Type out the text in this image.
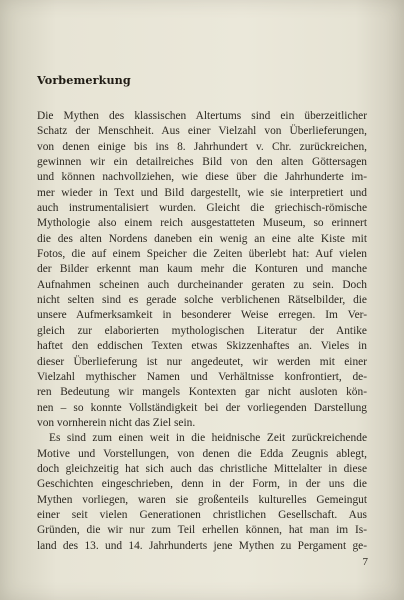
Vorbemerkung
Die Mythen des klassischen Altertums sind ein überzeitlicher
Schatz der Menschheit. Aus einer Vielzahl von Überlieferungen,
von denen einige bis ins 8. Jahrhundert v. Chr. zurückreichen,
gewinnen wir ein detailreiches Bild von den alten Göttersagen
und können nachvollziehen, wie diese über die Jahrhunderte im-
mer wieder in Text und Bild dargestellt, wie sie interpretiert und
auch instrumentalisiert wurden. Gleicht die griechisch-römische
Mythologie also einem reich ausgestatteten Museum, so erinnert
die des alten Nordens daneben ein wenig an eine alte Kiste mit
Fotos, die auf einem Speicher die Zeiten überlebt hat: Auf vielen
der Bilder erkennt man kaum mehr die Konturen und manche
Aufnahmen scheinen auch durcheinander geraten zu sein. Doch
nicht selten sind es gerade solche verblichenen Rätselbilder, die
unsere Aufmerksamkeit in besonderer Weise erregen. Im Ver-
gleich zur elaborierten mythologischen Literatur der Antike
haftet den eddischen Texten etwas Skizzenhaftes an. Vieles in
dieser Überlieferung ist nur angedeutet, wir werden mit einer
Vielzahl mythischer Namen und Verhältnisse konfrontiert, de-
ren Bedeutung wir mangels Kontexten gar nicht ausloten kön-
nen – so konnte Vollständigkeit bei der vorliegenden Darstellung
von vornherein nicht das Ziel sein.
Es sind zum einen weit in die heidnische Zeit zurückreichende
Motive und Vorstellungen, von denen die Edda Zeugnis ablegt,
doch gleichzeitig hat sich auch das christliche Mittelalter in diese
Geschichten eingeschrieben, denn in der Form, in der uns die
Mythen vorliegen, waren sie großenteils kulturelles Gemeingut
einer seit vielen Generationen christlichen Gesellschaft. Aus
Gründen, die wir nur zum Teil erhellen können, hat man im Is-
land des 13. und 14. Jahrhunderts jene Mythen zu Pergament ge-
7
